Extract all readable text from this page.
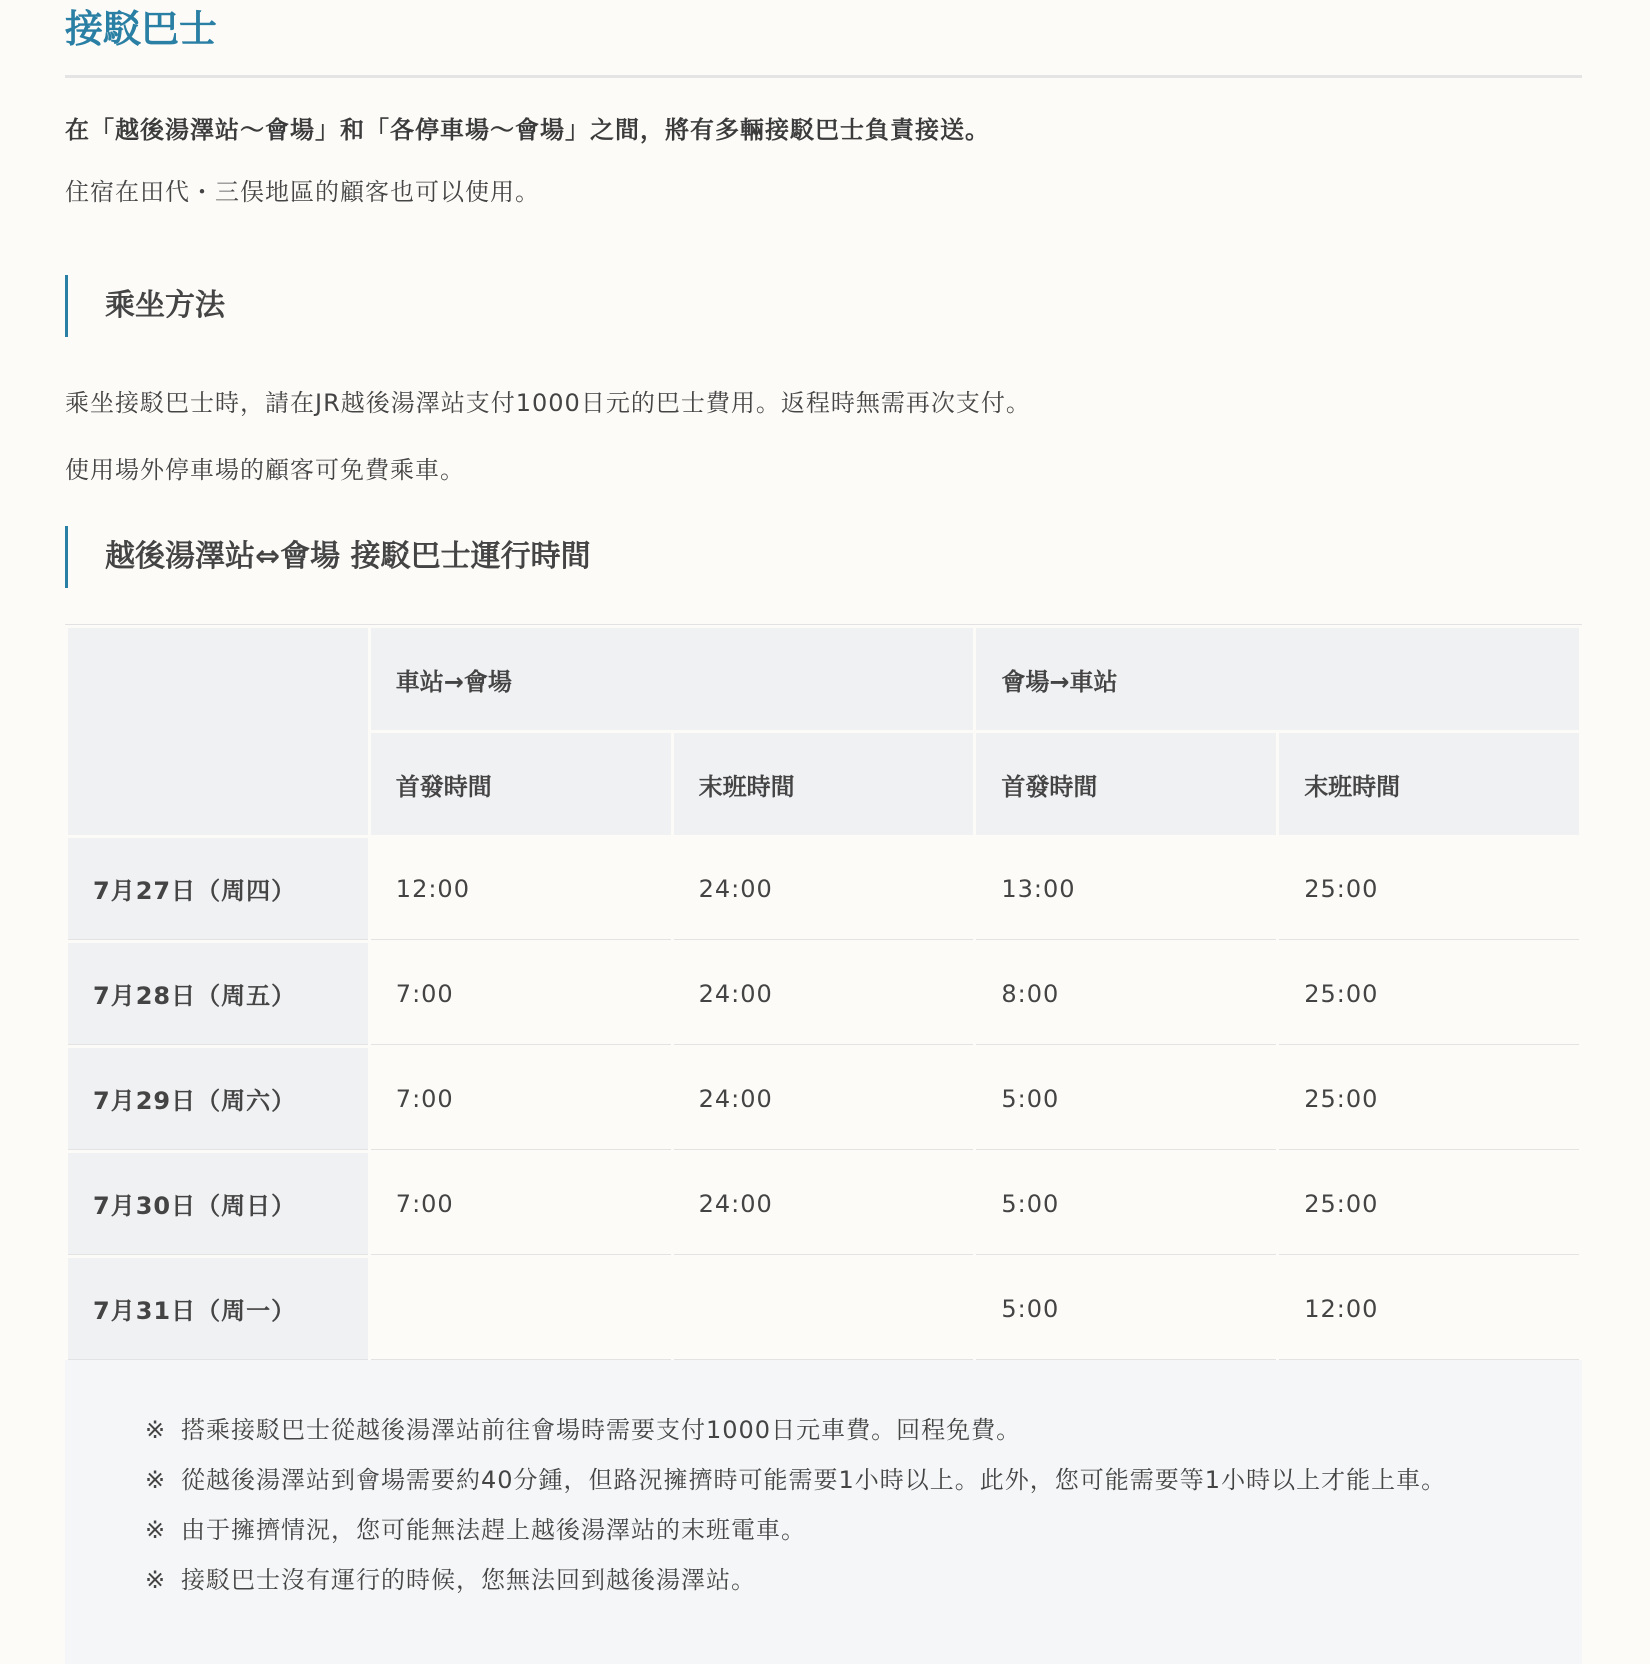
接駁巴士
在「越後湯澤站～會場」和「各停車場～會場」之間，將有多輛接駁巴士負責接送。
住宿在田代・三俣地區的顧客也可以使用。
乘坐方法
乘坐接駁巴士時，請在JR越後湯澤站支付1000日元的巴士費用。返程時無需再次支付。
使用場外停車場的顧客可免費乘車。
越後湯澤站⇔會場 接駁巴士運行時間
	車站→會場		會場→車站	
	首發時間	末班時間	首發時間	末班時間
7月27日（周四）	12:00	24:00	13:00	25:00
7月28日（周五）	7:00	24:00	8:00	25:00
7月29日（周六）	7:00	24:00	5:00	25:00
7月30日（周日）	7:00	24:00	5:00	25:00
7月31日（周一）			5:00	12:00
※ 搭乘接駁巴士從越後湯澤站前往會場時需要支付1000日元車費。回程免費。
※ 從越後湯澤站到會場需要約40分鍾，但路況擁擠時可能需要1小時以上。此外，您可能需要等1小時以上才能上車。
※ 由于擁擠情況，您可能無法趕上越後湯澤站的末班電車。
※ 接駁巴士沒有運行的時候，您無法回到越後湯澤站。
